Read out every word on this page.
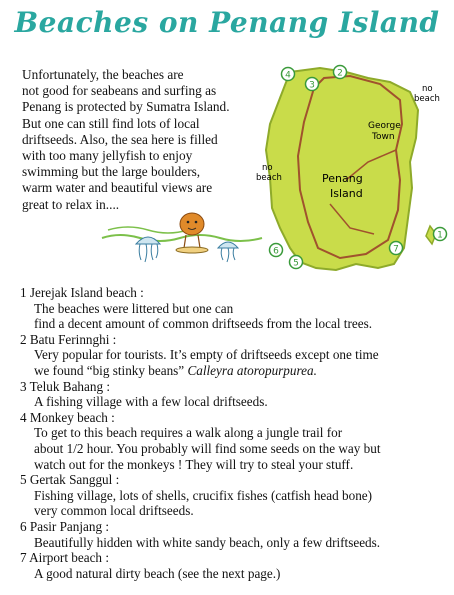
Beaches on Penang Island
Unfortunately, the beaches are
not good for seabeans and surfing as
Penang is protected by Sumatra Island.
But one can still find lots of local
driftseeds. Also, the sea here is filled
with too many jellyfish to enjoy
swimming but the large boulders,
warm water and beautiful views are
great to relax in....
George
Town
Penang
Island
no
beach
no
beach
4
3
2
6
5
7
1
1 Jerejak Island beach :
The beaches were littered but one can
find a decent amount of common driftseeds from the local trees.
2 Batu Ferinnghi :
Very popular for tourists. It’s empty of driftseeds except one time
we found “big stinky beans” Calleyra atoropurpurea.
3 Teluk Bahang :
A fishing village with a few local driftseeds.
4 Monkey beach :
To get to this beach requires a walk along a jungle trail for
about 1/2 hour. You probably will find some seeds on the way but
watch out for the monkeys ! They will try to steal your stuff.
5 Gertak Sanggul :
Fishing village, lots of shells, crucifix fishes (catfish head bone)
very common local driftseeds.
6 Pasir Panjang :
Beautifully hidden with white sandy beach, only a few driftseeds.
7 Airport beach :
A good natural dirty beach (see the next page.)
